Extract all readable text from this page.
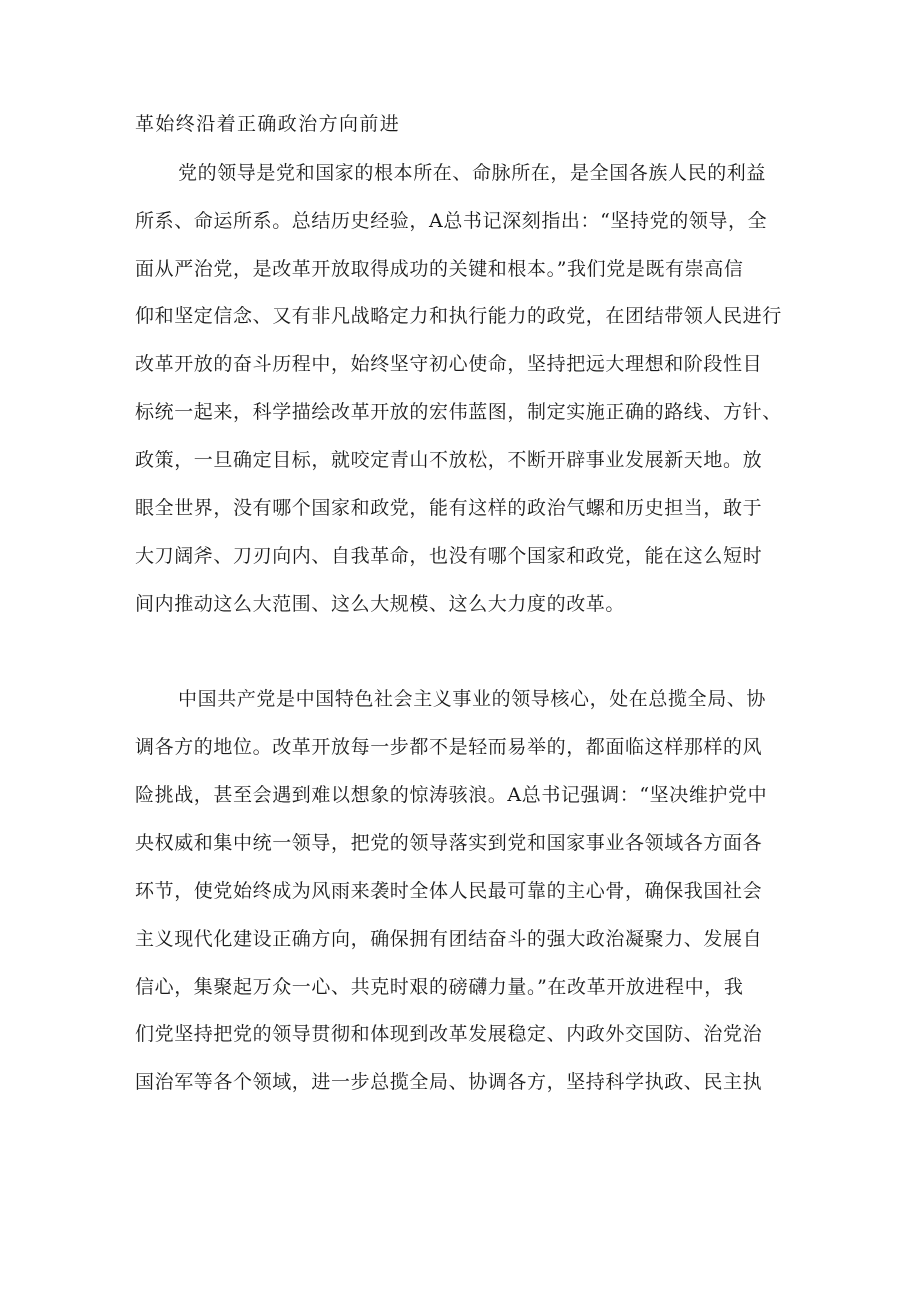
革始终沿着正确政治方向前进

党的领导是党和国家的根本所在、命脉所在，是全国各族人民的利益

所系、命运所系。总结历史经验，A总书记深刻指出：“坚持党的领导，全

面从严治党，是改革开放取得成功的关键和根本。”我们党是既有崇高信

仰和坚定信念、又有非凡战略定力和执行能力的政党，在团结带领人民进行

改革开放的奋斗历程中，始终坚守初心使命，坚持把远大理想和阶段性目

标统一起来，科学描绘改革开放的宏伟蓝图，制定实施正确的路线、方针、

政策，一旦确定目标，就咬定青山不放松，不断开辟事业发展新天地。放

眼全世界，没有哪个国家和政党，能有这样的政治气螺和历史担当，敢于

大刀阔斧、刀刃向内、自我革命，也没有哪个国家和政党，能在这么短时

间内推动这么大范围、这么大规模、这么大力度的改革。

中国共产党是中国特色社会主义事业的领导核心，处在总揽全局、协

调各方的地位。改革开放每一步都不是轻而易举的，都面临这样那样的风

险挑战，甚至会遇到难以想象的惊涛骇浪。A总书记强调：“坚决维护党中

央权威和集中统一领导，把党的领导落实到党和国家事业各领域各方面各

环节，使党始终成为风雨来袭时全体人民最可靠的主心骨，确保我国社会

主义现代化建设正确方向，确保拥有团结奋斗的强大政治凝聚力、发展自

信心，集聚起万众一心、共克时艰的磅礴力量。”在改革开放进程中，我

们党坚持把党的领导贯彻和体现到改革发展稳定、内政外交国防、治党治

国治军等各个领域，进一步总揽全局、协调各方，坚持科学执政、民主执
